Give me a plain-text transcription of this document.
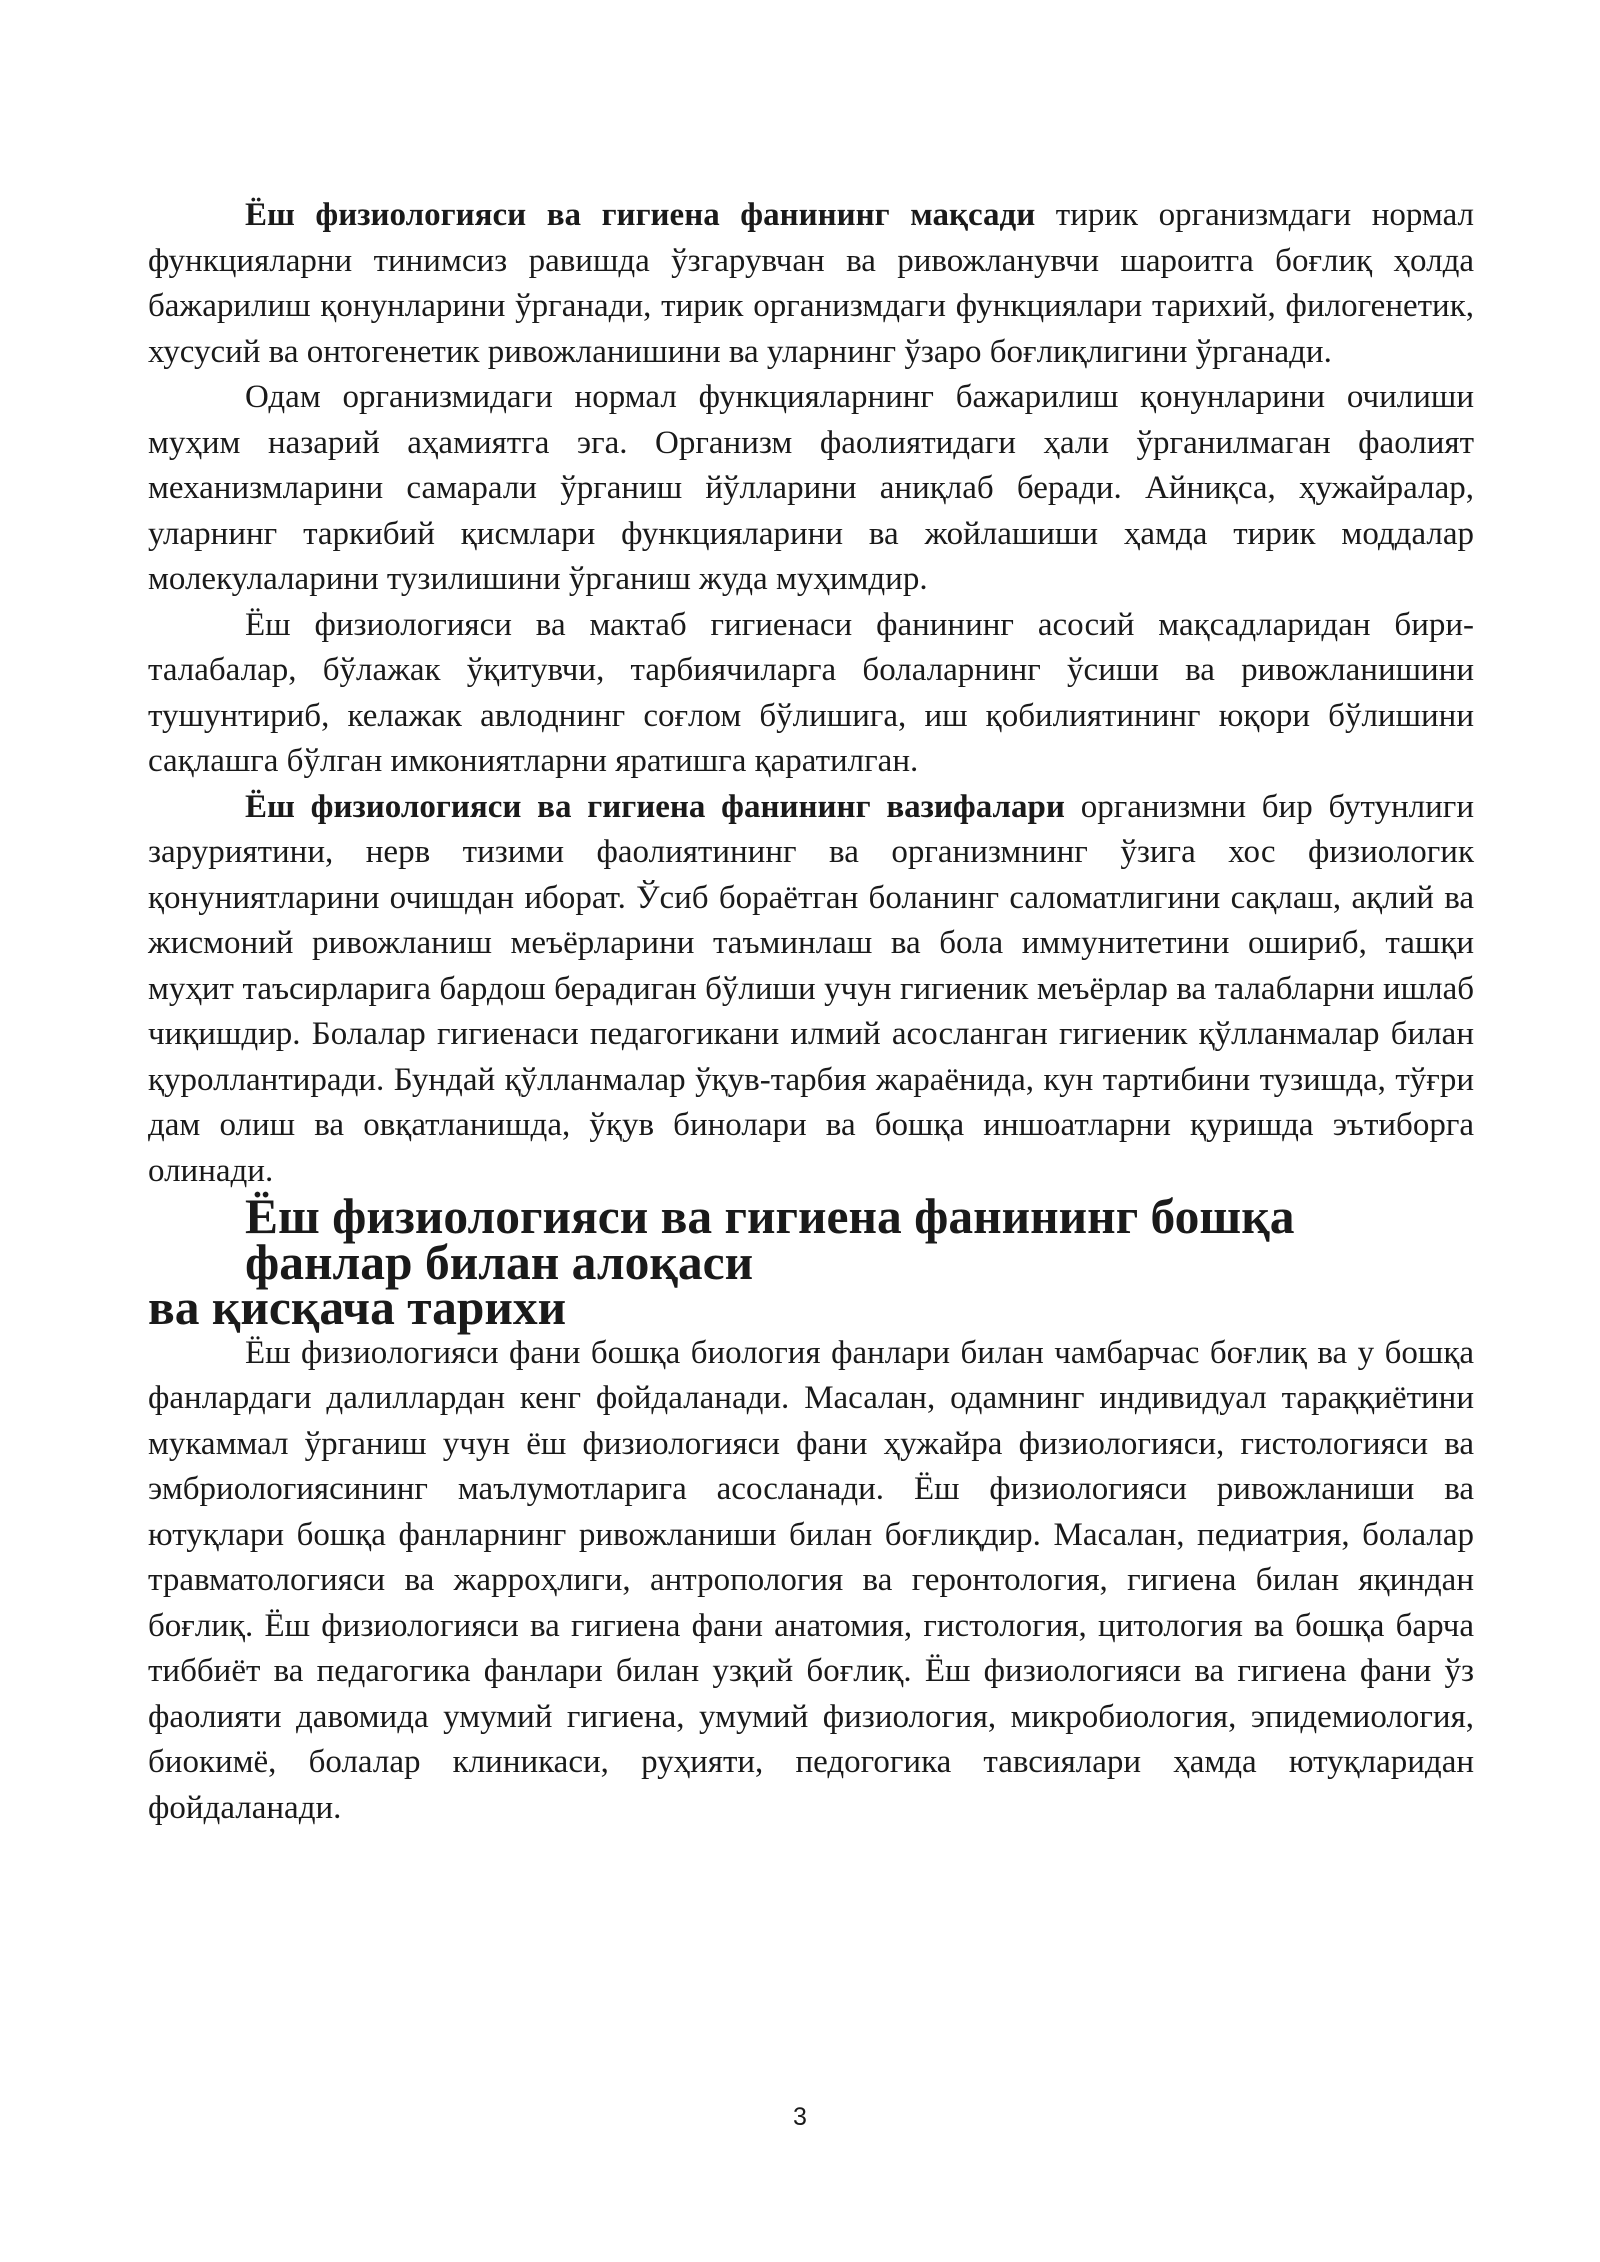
Ёш физиологияси ва гигиена фанининг мақсади тирик организмдаги нормал функцияларни тинимсиз равишда ўзгарувчан ва ривожланувчи шароитга боғлиқ ҳолда бажарилиш қонунларини ўрганади, тирик организмдаги функциялари тарихий, филогенетик, хусусий ва онтогенетик ривожланишини ва уларнинг ўзаро боғлиқлигини ўрганади.

Одам организмидаги нормал функцияларнинг бажарилиш қонунларини очилиши муҳим назарий аҳамиятга эга. Организм фаолиятидаги ҳали ўрганилмаган фаолият механизмларини самарали ўрганиш йўлларини аниқлаб беради. Айниқса, ҳужайралар, уларнинг таркибий қисмлари функцияларини ва жойлашиши ҳамда тирик моддалар молекулаларини тузилишини ўрганиш жуда муҳимдир.

Ёш физиологияси ва мактаб гигиенаси фанининг асосий мақсадларидан бири-талабалар, бўлажак ўқитувчи, тарбиячиларга болаларнинг ўсиши ва ривожланишини тушунтириб, келажак авлоднинг соғлом бўлишига, иш қобилиятининг юқори бўлишини сақлашга бўлган имкониятларни яратишга қаратилган.

Ёш физиологияси ва гигиена фанининг вазифалари организмни бир бутунлиги заруриятини, нерв тизими фаолиятининг ва организмнинг ўзига хос физиологик қонуниятларини очишдан иборат. Ўсиб бораётган боланинг саломатлигини сақлаш, ақлий ва жисмоний ривожланиш меъёрларини таъминлаш ва бола иммунитетини ошириб, ташқи муҳит таъсирларига бардош берадиган бўлиши учун гигиеник меъёрлар ва талабларни ишлаб чиқишдир. Болалар гигиенаси педагогикани илмий асосланган гигиеник қўлланмалар билан қуроллантиради. Бундай қўлланмалар ўқув-тарбия жараёнида, кун тартибини тузишда, тўғри дам олиш ва овқатланишда, ўқув бинолари ва бошқа иншоатларни қуришда эътиборга олинади.

Ёш физиологияси ва гигиена фанининг бошқа фанлар билан алоқаси
ва қисқача тарихи

Ёш физиологияси фани бошқа биология фанлари билан чамбарчас боғлиқ ва у бошқа фанлардаги далиллардан кенг фойдаланади. Масалан, одамнинг индивидуал тараққиётини мукаммал ўрганиш учун ёш физиологияси фани ҳужайра физиологияси, гистологияси ва эмбриологиясининг маълумотларига асосланади. Ёш физиологияси ривожланиши ва ютуқлари бошқа фанларнинг ривожланиши билан боғлиқдир. Масалан, педиатрия, болалар травматологияси ва жарроҳлиги, антропология ва геронтология, гигиена билан яқиндан боғлиқ. Ёш физиологияси ва гигиена фани анатомия, гистология, цитология ва бошқа барча тиббиёт ва педагогика фанлари билан узқий боғлиқ. Ёш физиологияси ва гигиена фани ўз фаолияти давомида умумий гигиена, умумий физиология, микробиология, эпидемиология, биокимё, болалар клиникаси, руҳияти, педогогика тавсиялари ҳамда ютуқларидан фойдаланади.

3
